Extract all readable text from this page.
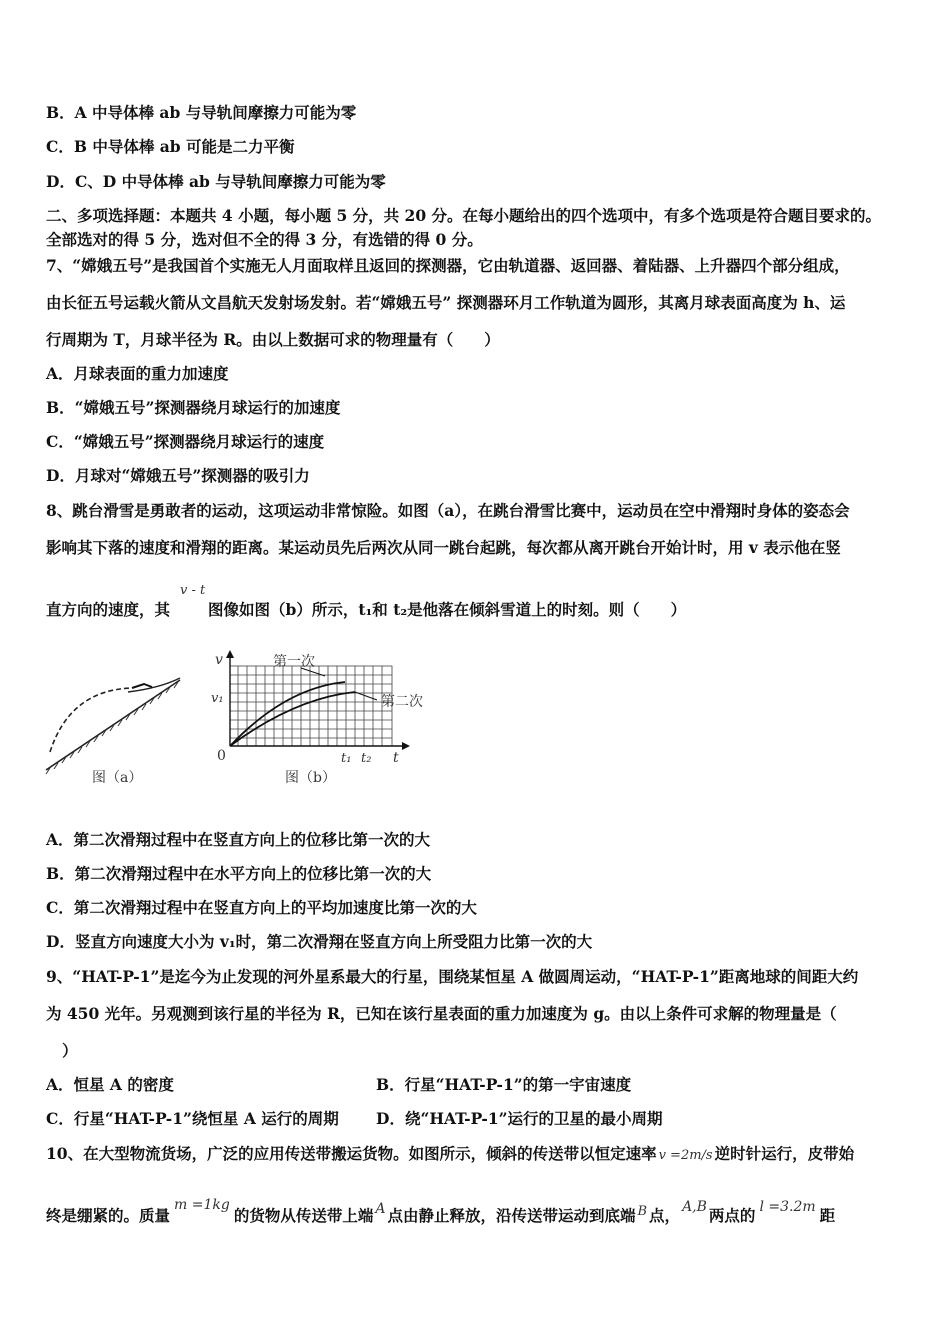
B．A 中导体棒 ab 与导轨间摩擦力可能为零
C．B 中导体棒 ab 可能是二力平衡
D．C、D 中导体棒 ab 与导轨间摩擦力可能为零
二、多项选择题：本题共 4 小题，每小题 5 分，共 20 分。在每小题给出的四个选项中，有多个选项是符合题目要求的。
全部选对的得 5 分，选对但不全的得 3 分，有选错的得 0 分。
7、“嫦娥五号”是我国首个实施无人月面取样且返回的探测器，它由轨道器、返回器、着陆器、上升器四个部分组成，
由长征五号运载火箭从文昌航天发射场发射。若“嫦娥五号” 探测器环月工作轨道为圆形，其离月球表面高度为 h、运
行周期为 T，月球半径为 R。由以上数据可求的物理量有（　　）
A．月球表面的重力加速度
B．“嫦娥五号”探测器绕月球运行的加速度
C．“嫦娥五号”探测器绕月球运行的速度
D．月球对“嫦娥五号”探测器的吸引力
8、跳台滑雪是勇敢者的运动，这项运动非常惊险。如图（a），在跳台滑雪比赛中，运动员在空中滑翔时身体的姿态会
影响其下落的速度和滑翔的距离。某运动员先后两次从同一跳台起跳，每次都从离开跳台开始计时，用 v 表示他在竖
直方向的速度，其 图像如图（b）所示，t₁和 t₂是他落在倾斜雪道上的时刻。则（　　）
v - t
图（a）
v
v₁
0	t₁ t₂ t
第一次
第二次
图（b）
A．第二次滑翔过程中在竖直方向上的位移比第一次的大
B．第二次滑翔过程中在水平方向上的位移比第一次的大
C．第二次滑翔过程中在竖直方向上的平均加速度比第一次的大
D．竖直方向速度大小为 v₁时，第二次滑翔在竖直方向上所受阻力比第一次的大
9、“HAT-P-1”是迄今为止发现的河外星系最大的行星，围绕某恒星 A 做圆周运动，“HAT-P-1”距离地球的间距大约
为 450 光年。另观测到该行星的半径为 R，已知在该行星表面的重力加速度为 g。由以上条件可求解的物理量是（
）
A．恒星 A 的密度	B．行星“HAT-P-1”的第一宇宙速度
C．行星“HAT-P-1”绕恒星 A 运行的周期 D．绕“HAT-P-1”运行的卫星的最小周期
10、在大型物流货场，广泛的应用传送带搬运货物。如图所示，倾斜的传送带以恒定速率 v =2m/s 逆时针运行，皮带始
终是绷紧的。质量m =1kg的货物从传送带上端 A 点由静止释放，沿传送带运动到底端 $^B$ 点， A,B 两点的 l =3.2m 距
